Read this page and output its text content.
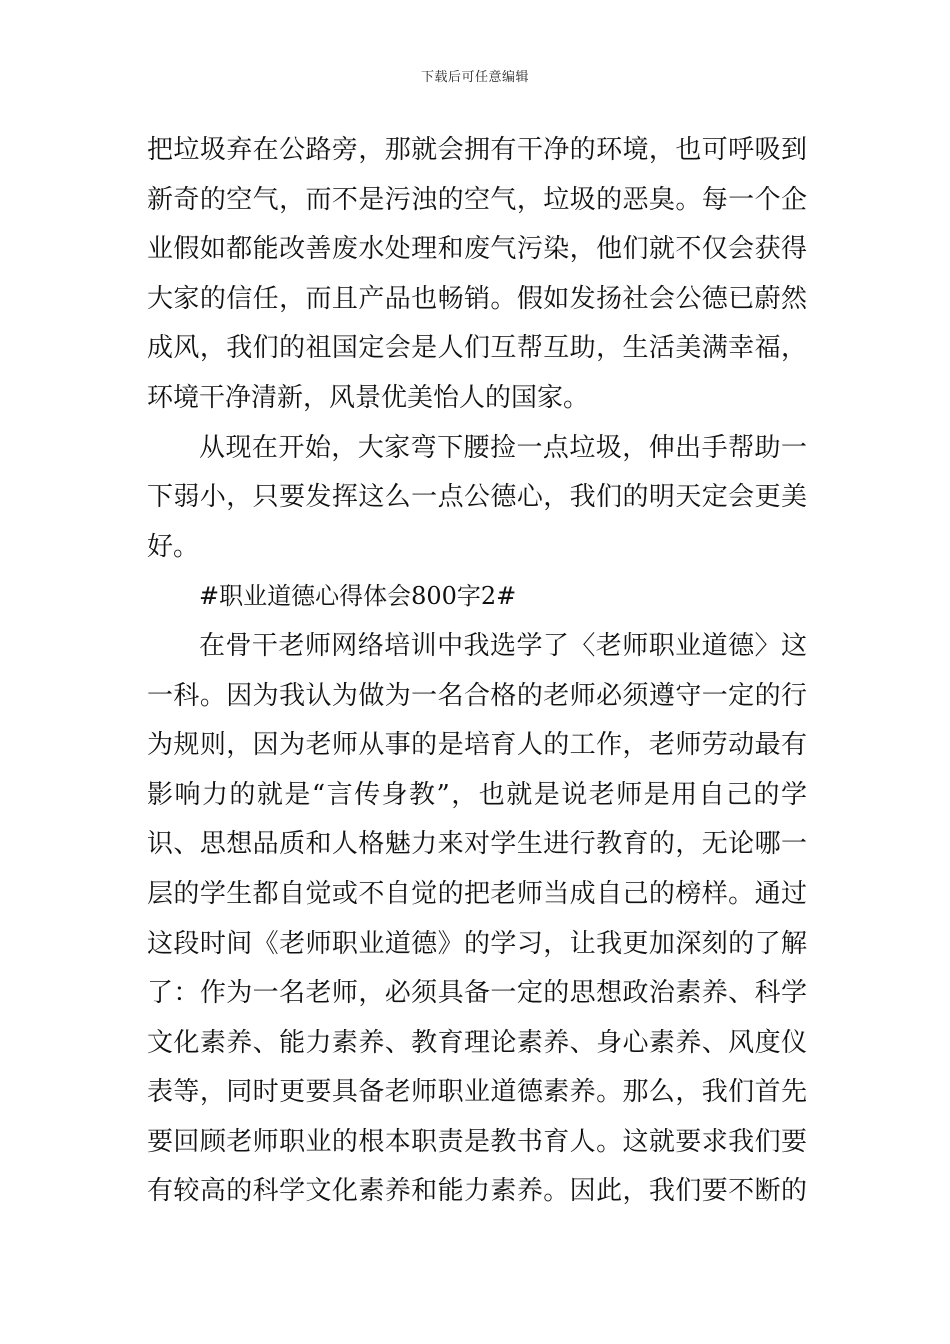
下载后可任意编辑
把垃圾弃在公路旁，那就会拥有干净的环境，也可呼吸到
新奇的空气，而不是污浊的空气，垃圾的恶臭。每一个企
业假如都能改善废水处理和废气污染，他们就不仅会获得
大家的信任，而且产品也畅销。假如发扬社会公德已蔚然
成风，我们的祖国定会是人们互帮互助，生活美满幸福，
环境干净清新，风景优美怡人的国家。
从现在开始，大家弯下腰捡一点垃圾，伸出手帮助一
下弱小，只要发挥这么一点公德心，我们的明天定会更美
好。
#职业道德心得体会800字2#
在骨干老师网络培训中我选学了〈老师职业道德〉这
一科。因为我认为做为一名合格的老师必须遵守一定的行
为规则，因为老师从事的是培育人的工作，老师劳动最有
影响力的就是“言传身教”，也就是说老师是用自己的学
识、思想品质和人格魅力来对学生进行教育的，无论哪一
层的学生都自觉或不自觉的把老师当成自己的榜样。通过
这段时间《老师职业道德》的学习，让我更加深刻的了解
了：作为一名老师，必须具备一定的思想政治素养、科学
文化素养、能力素养、教育理论素养、身心素养、风度仪
表等，同时更要具备老师职业道德素养。那么，我们首先
要回顾老师职业的根本职责是教书育人。这就要求我们要
有较高的科学文化素养和能力素养。因此，我们要不断的
